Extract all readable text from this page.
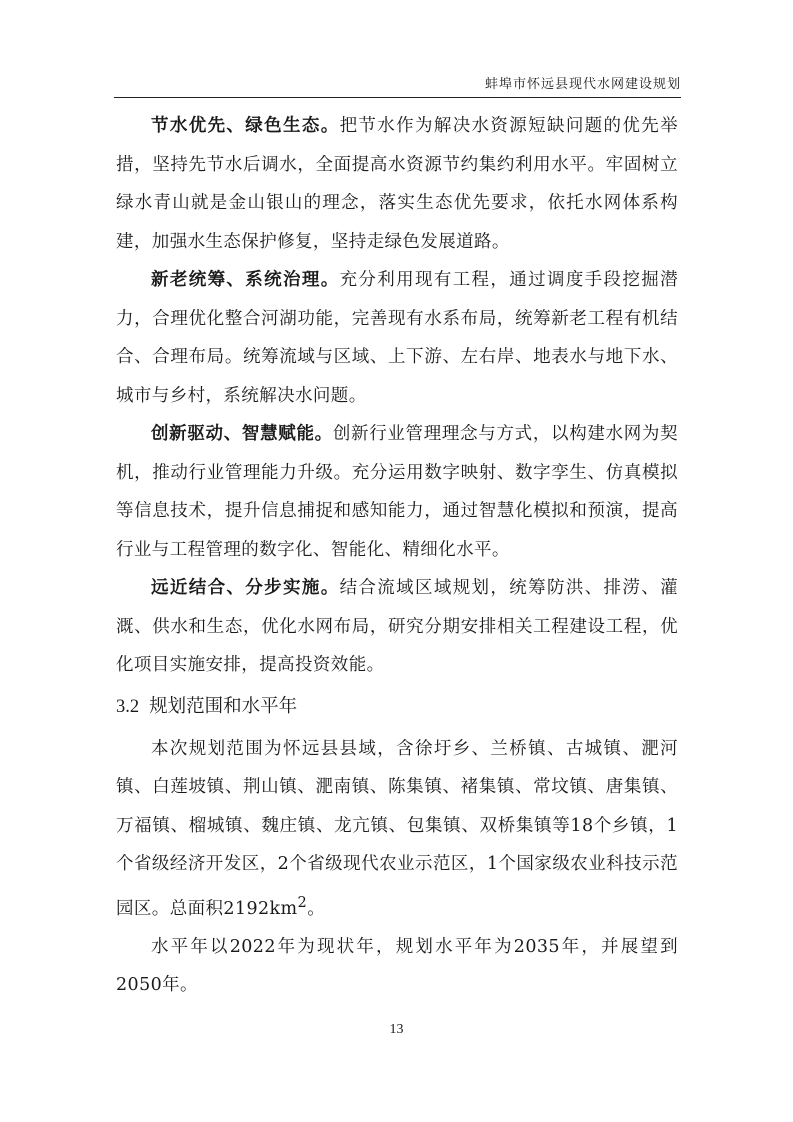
蚌埠市怀远县现代水网建设规划

节水优先、绿色生态。把节水作为解决水资源短缺问题的优先举措，坚持先节水后调水，全面提高水资源节约集约利用水平。牢固树立绿水青山就是金山银山的理念，落实生态优先要求，依托水网体系构建，加强水生态保护修复，坚持走绿色发展道路。

新老统筹、系统治理。充分利用现有工程，通过调度手段挖掘潜力，合理优化整合河湖功能，完善现有水系布局，统筹新老工程有机结合、合理布局。统筹流域与区域、上下游、左右岸、地表水与地下水、城市与乡村，系统解决水问题。

创新驱动、智慧赋能。创新行业管理理念与方式，以构建水网为契机，推动行业管理能力升级。充分运用数字映射、数字孪生、仿真模拟等信息技术，提升信息捕捉和感知能力，通过智慧化模拟和预演，提高行业与工程管理的数字化、智能化、精细化水平。

远近结合、分步实施。结合流域区域规划，统筹防洪、排涝、灌溉、供水和生态，优化水网布局，研究分期安排相关工程建设工程，优化项目实施安排，提高投资效能。

3.2 规划范围和水平年

本次规划范围为怀远县县域，含徐圩乡、兰桥镇、古城镇、淝河镇、白莲坡镇、荆山镇、淝南镇、陈集镇、褚集镇、常坟镇、唐集镇、万福镇、榴城镇、魏庄镇、龙亢镇、包集镇、双桥集镇等18个乡镇，1个省级经济开发区，2个省级现代农业示范区，1个国家级农业科技示范园区。总面积$2192km^2$。

水平年以2022年为现状年，规划水平年为2035年，并展望到2050年。

13
